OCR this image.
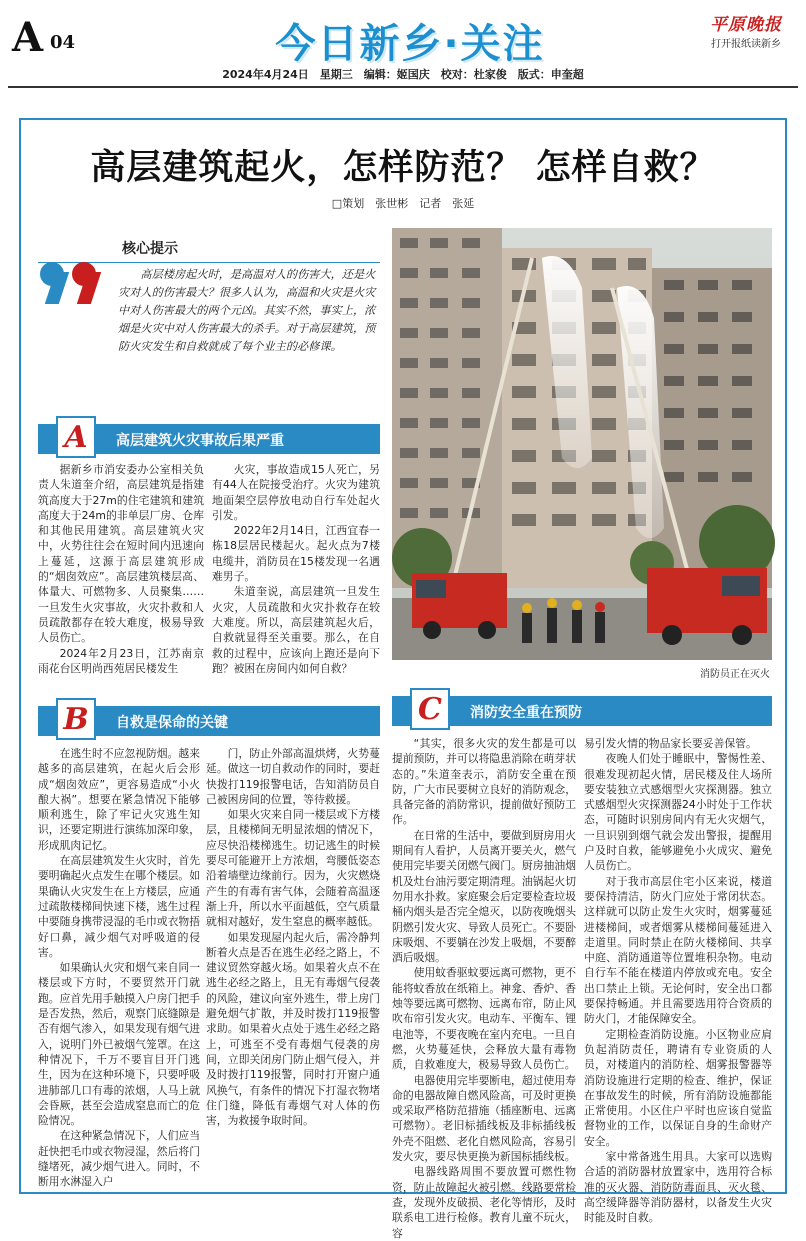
A 04	今日新乡·关注	平原晚报
打开报纸读新乡
2024年4月24日　星期三　编辑：姬国庆　校对：杜家俊　版式：申奎超
高层建筑起火，怎样防范？ 怎样自救？
□策划　张世彬　记者　张延
核心提示
高层楼房起火时，是高温对人的伤害大，还是火灾对人的伤害最大？很多人认为，高温和火灾是火灾中对人伤害最大的两个元凶。其实不然，事实上，浓烟是火灾中对人伤害最大的杀手。对于高层建筑，预防火灾发生和自救就成了每个业主的必修课。
消防员正在灭火
A	高层建筑火灾事故后果严重

据新乡市消安委办公室相关负责人朱道奎介绍，高层建筑是指建筑高度大于27m的住宅建筑和建筑高度大于24m的非单层厂房、仓库和其他民用建筑。高层建筑火灾中，火势往往会在短时间内迅速向上蔓延，这源于高层建筑形成的“烟囱效应”。高层建筑楼层高、体量大、可燃物多、人员聚集……一旦发生火灾事故，火灾扑救和人员疏散都存在较大难度，极易导致人员伤亡。

2024年2月23日，江苏南京雨花台区明尚西苑居民楼发生

火灾，事故造成15人死亡，另有44人在院接受治疗。火灾为建筑地面架空层停放电动自行车处起火引发。

2022年2月14日，江西宜春一栋18层居民楼起火。起火点为7楼电缆井，消防员在15楼发现一名遇难男子。

朱道奎说，高层建筑一旦发生火灾，人员疏散和火灾扑救存在较大难度。所以，高层建筑起火后，自救就显得至关重要。那么，在自救的过程中，应该向上跑还是向下跑？被困在房间内如何自救？

B	自救是保命的关键

在逃生时不应忽视防烟。越来越多的高层建筑，在起火后会形成“烟囱效应”，更容易造成“小火酿大祸”。想要在紧急情况下能够顺利逃生，除了牢记火灾逃生知识，还要定期进行演练加深印象，形成肌肉记忆。

在高层建筑发生火灾时，首先要明确起火点发生在哪个楼层。如果确认火灾发生在上方楼层，应通过疏散楼梯间快速下楼，逃生过程中要随身携带浸湿的毛巾或衣物捂好口鼻，减少烟气对呼吸道的侵害。

如果确认火灾和烟气来自同一楼层或下方时，不要贸然开门就跑。应首先用手触摸入户房门把手是否发热，然后，观察门底缝隙是否有烟气渗入，如果发现有烟气进入，说明门外已被烟气笼罩。在这种情况下，千万不要盲目开门逃生，因为在这种环境下，只要呼吸进肺部几口有毒的浓烟，人马上就会昏厥，甚至会造成窒息而亡的危险情况。

在这种紧急情况下，人们应当赶快把毛巾或衣物浸湿，然后将门缝堵死，减少烟气进入。同时，不断用水淋湿入户

门，防止外部高温烘烤，火势蔓延。做这一切自救动作的同时，要赶快拨打119报警电话，告知消防员自己被困房间的位置，等待救援。

如果火灾来自同一楼层或下方楼层，且楼梯间无明显浓烟的情况下，应尽快沿楼梯逃生。切记逃生的时候要尽可能避开上方浓烟，弯腰低姿态沿着墙壁边缘前行。因为，火灾燃烧产生的有毒有害气体，会随着高温逐渐上升，所以水平面越低，空气质量就相对越好，发生窒息的概率越低。

如果发现屋内起火后，需冷静判断着火点是否在逃生必经之路上，不建议贸然穿越火场。如果着火点不在逃生必经之路上，且无有毒烟气侵袭的风险，建议向室外逃生，带上房门避免烟气扩散，并及时拨打119报警求助。如果着火点处于逃生必经之路上，可逃至不受有毒烟气侵袭的房间，立即关闭房门防止烟气侵入，并及时拨打119报警，同时打开窗户通风换气，有条件的情况下打湿衣物堵住门缝，降低有毒烟气对人体的伤害，为救援争取时间。

C	消防安全重在预防

“其实，很多火灾的发生都是可以提前预防，并可以将隐患消除在萌芽状态的。”朱道奎表示，消防安全重在预防，广大市民要树立良好的消防观念，具备完备的消防常识，提前做好预防工作。

在日常的生活中，要做到厨房用火期间有人看护，人员离开要关火，燃气使用完毕要关闭燃气阀门。厨房抽油烟机及灶台油污要定期清理。油锅起火切勿用水扑救。家庭聚会后定要检查垃圾桶内烟头是否完全熄灭，以防夜晚烟头阴燃引发火灾、导致人员死亡。不要卧床吸烟、不要躺在沙发上吸烟，不要醉酒后吸烟。

使用蚊香驱蚊要远离可燃物，更不能将蚊香放在纸箱上。神龛、香炉、香烛等要远离可燃物、远离布帘，防止风吹布帘引发火灾。电动车、平衡车、锂电池等，不要夜晚在室内充电。一旦自燃，火势蔓延快，会释放大量有毒物质，自救难度大，极易导致人员伤亡。

电器使用完毕要断电，超过使用寿命的电器故障自燃风险高，可及时更换或采取严格防范措施（插座断电、远离可燃物）。老旧标插线板及非标插线板外壳不阻燃、老化自燃风险高，容易引发火灾，要尽快更换为新国标插线板。

电器线路周围不要放置可燃性物资，防止故障起火被引燃。线路要常检查，发现外皮破损、老化等情形，及时联系电工进行检修。教育儿童不玩火，容

易引发火情的物品家长要妥善保管。

夜晚人们处于睡眠中，警惕性差、很难发现初起火情，居民楼及住人场所要安装独立式感烟型火灾探测器。独立式感烟型火灾探测器24小时处于工作状态，可随时识别房间内有无火灾烟气，一旦识别到烟气就会发出警报，提醒用户及时自救，能够避免小火成灾、避免人员伤亡。

对于我市高层住宅小区来说，楼道要保持清洁，防火门应处于常闭状态。这样就可以防止发生火灾时，烟雾蔓延进楼梯间，或者烟雾从楼梯间蔓延进入走道里。同时禁止在防火楼梯间、共享中庭、消防通道等位置堆积杂物。电动自行车不能在楼道内停放或充电。安全出口禁止上锁。无论何时，安全出口都要保持畅通。并且需要选用符合资质的防火门，才能保障安全。

定期检查消防设施。小区物业应肩负起消防责任，聘请有专业资质的人员，对楼道内的消防栓、烟雾报警器等消防设施进行定期的检查、维护，保证在事故发生的时候，所有消防设施都能正常使用。小区住户平时也应该自觉监督物业的工作，以保证自身的生命财产安全。

家中常备逃生用具。大家可以选购合适的消防器材放置家中，选用符合标准的灭火器、消防防毒面具、灭火毯、高空缓降器等消防器材，以备发生火灾时能及时自救。
